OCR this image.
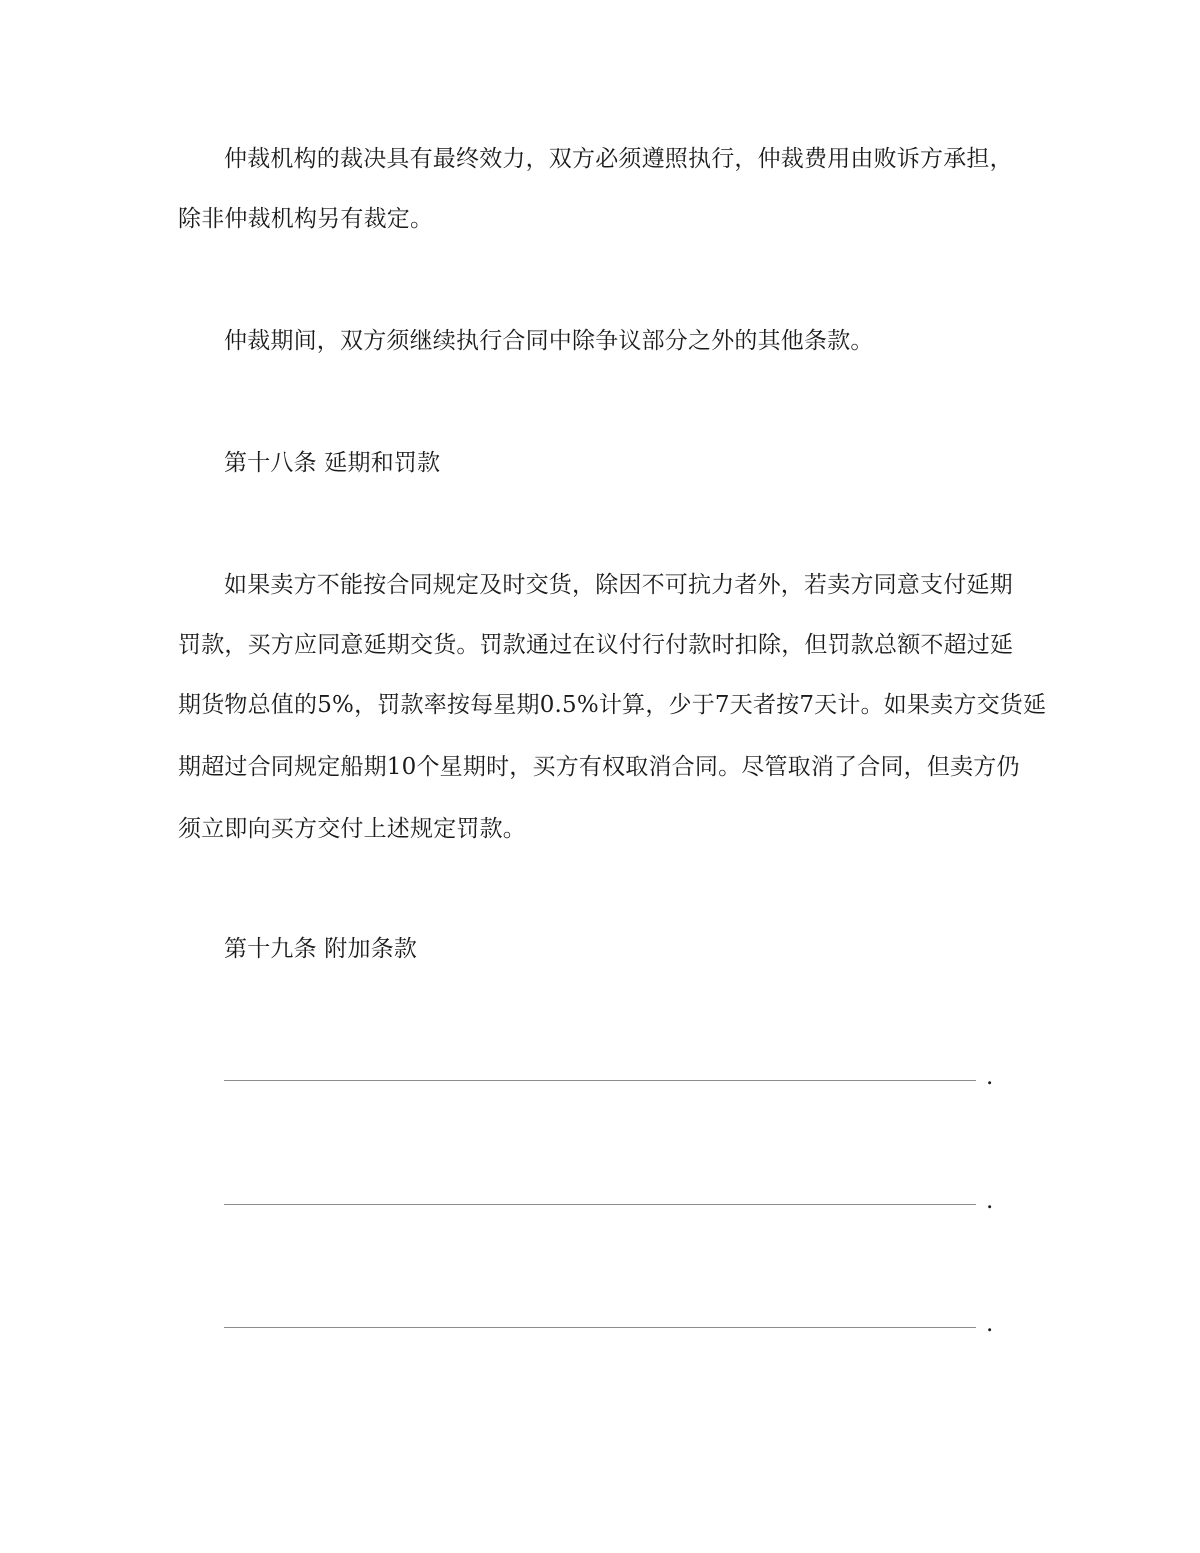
仲裁机构的裁决具有最终效力，双方必须遵照执行，仲裁费用由败诉方承担，
除非仲裁机构另有裁定。
仲裁期间，双方须继续执行合同中除争议部分之外的其他条款。
第十八条 延期和罚款
如果卖方不能按合同规定及时交货，除因不可抗力者外，若卖方同意支付延期
罚款，买方应同意延期交货。罚款通过在议付行付款时扣除，但罚款总额不超过延
期货物总值的5%，罚款率按每星期0.5%计算，少于7天者按7天计。如果卖方交货延
期超过合同规定船期10个星期时，买方有权取消合同。尽管取消了合同，但卖方仍
须立即向买方交付上述规定罚款。
第十九条 附加条款
.
.
.
